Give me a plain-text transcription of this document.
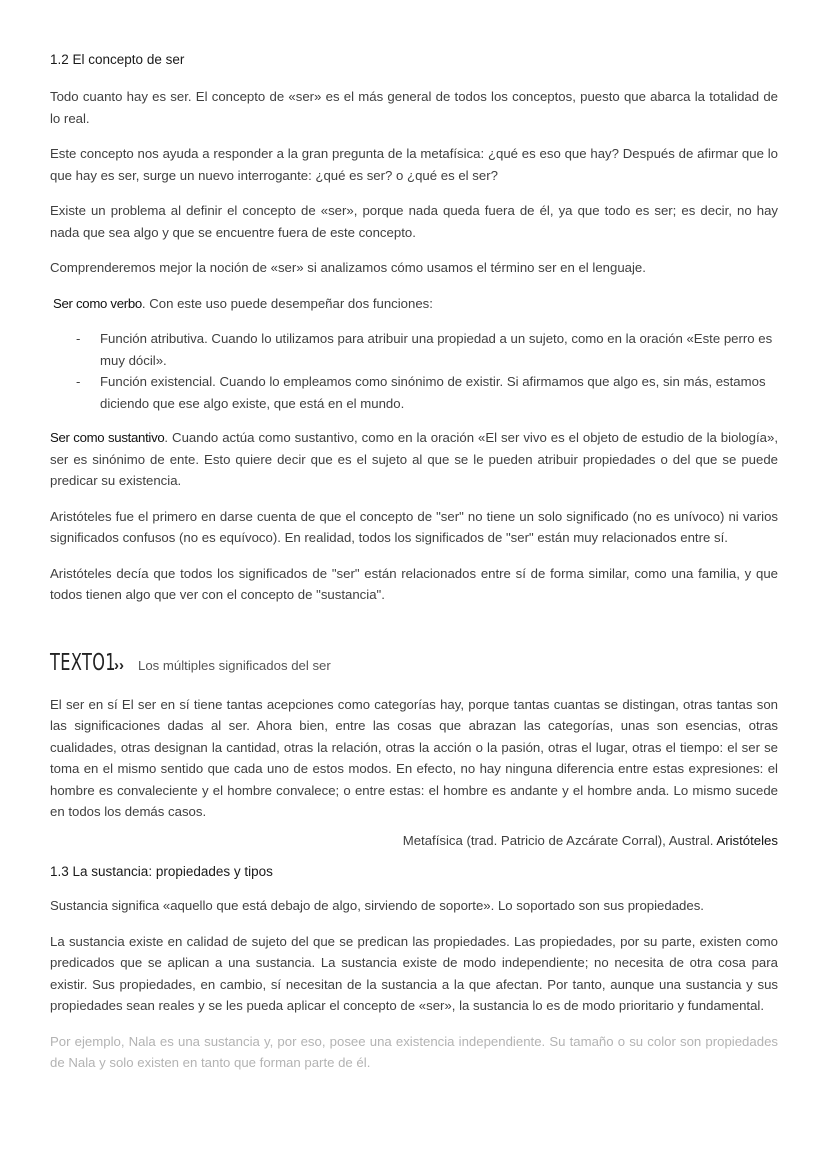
1.2 El concepto de ser

Todo cuanto hay es ser. El concepto de «ser» es el más general de todos los conceptos, puesto que abarca la totalidad de lo real.

Este concepto nos ayuda a responder a la gran pregunta de la metafísica: ¿qué es eso que hay? Después de afirmar que lo que hay es ser, surge un nuevo interrogante: ¿qué es ser? o ¿qué es el ser?

Existe un problema al definir el concepto de «ser», porque nada queda fuera de él, ya que todo es ser; es decir, no hay nada que sea algo y que se encuentre fuera de este concepto.

Comprenderemos mejor la noción de «ser» si analizamos cómo usamos el término ser en el lenguaje.

Ser como verbo. Con este uso puede desempeñar dos funciones:

- Función atributiva. Cuando lo utilizamos para atribuir una propiedad a un sujeto, como en la oración «Este perro es muy dócil».
- Función existencial. Cuando lo empleamos como sinónimo de existir. Si afirmamos que algo es, sin más, estamos diciendo que ese algo existe, que está en el mundo.

Ser como sustantivo. Cuando actúa como sustantivo, como en la oración «El ser vivo es el objeto de estudio de la biología», ser es sinónimo de ente. Esto quiere decir que es el sujeto al que se le pueden atribuir propiedades o del que se puede predicar su existencia.

Aristóteles fue el primero en darse cuenta de que el concepto de "ser" no tiene un solo significado (no es unívoco) ni varios significados confusos (no es equívoco). En realidad, todos los significados de "ser" están muy relacionados entre sí.

Aristóteles decía que todos los significados de "ser" están relacionados entre sí de forma similar, como una familia, y que todos tienen algo que ver con el concepto de "sustancia".

TEXTO1
›› Los múltiples significados del ser

El ser en sí El ser en sí tiene tantas acepciones como categorías hay, porque tantas cuantas se distingan, otras tantas son las significaciones dadas al ser. Ahora bien, entre las cosas que abrazan las categorías, unas son esencias, otras cualidades, otras designan la cantidad, otras la relación, otras la acción o la pasión, otras el lugar, otras el tiempo: el ser se toma en el mismo sentido que cada uno de estos modos. En efecto, no hay ninguna diferencia entre estas expresiones: el hombre es convaleciente y el hombre convalece; o entre estas: el hombre es andante y el hombre anda. Lo mismo sucede en todos los demás casos.

Metafísica (trad. Patricio de Azcárate Corral), Austral. Aristóteles
1.3 La sustancia: propiedades y tipos

Sustancia significa «aquello que está debajo de algo, sirviendo de soporte». Lo soportado son sus propiedades.

La sustancia existe en calidad de sujeto del que se predican las propiedades. Las propiedades, por su parte, existen como predicados que se aplican a una sustancia. La sustancia existe de modo independiente; no necesita de otra cosa para existir. Sus propiedades, en cambio, sí necesitan de la sustancia a la que afectan. Por tanto, aunque una sustancia y sus propiedades sean reales y se les pueda aplicar el concepto de «ser», la sustancia lo es de modo prioritario y fundamental.

Por ejemplo, Nala es una sustancia y, por eso, posee una existencia independiente. Su tamaño o su color son propiedades de Nala y solo existen en tanto que forman parte de él.
